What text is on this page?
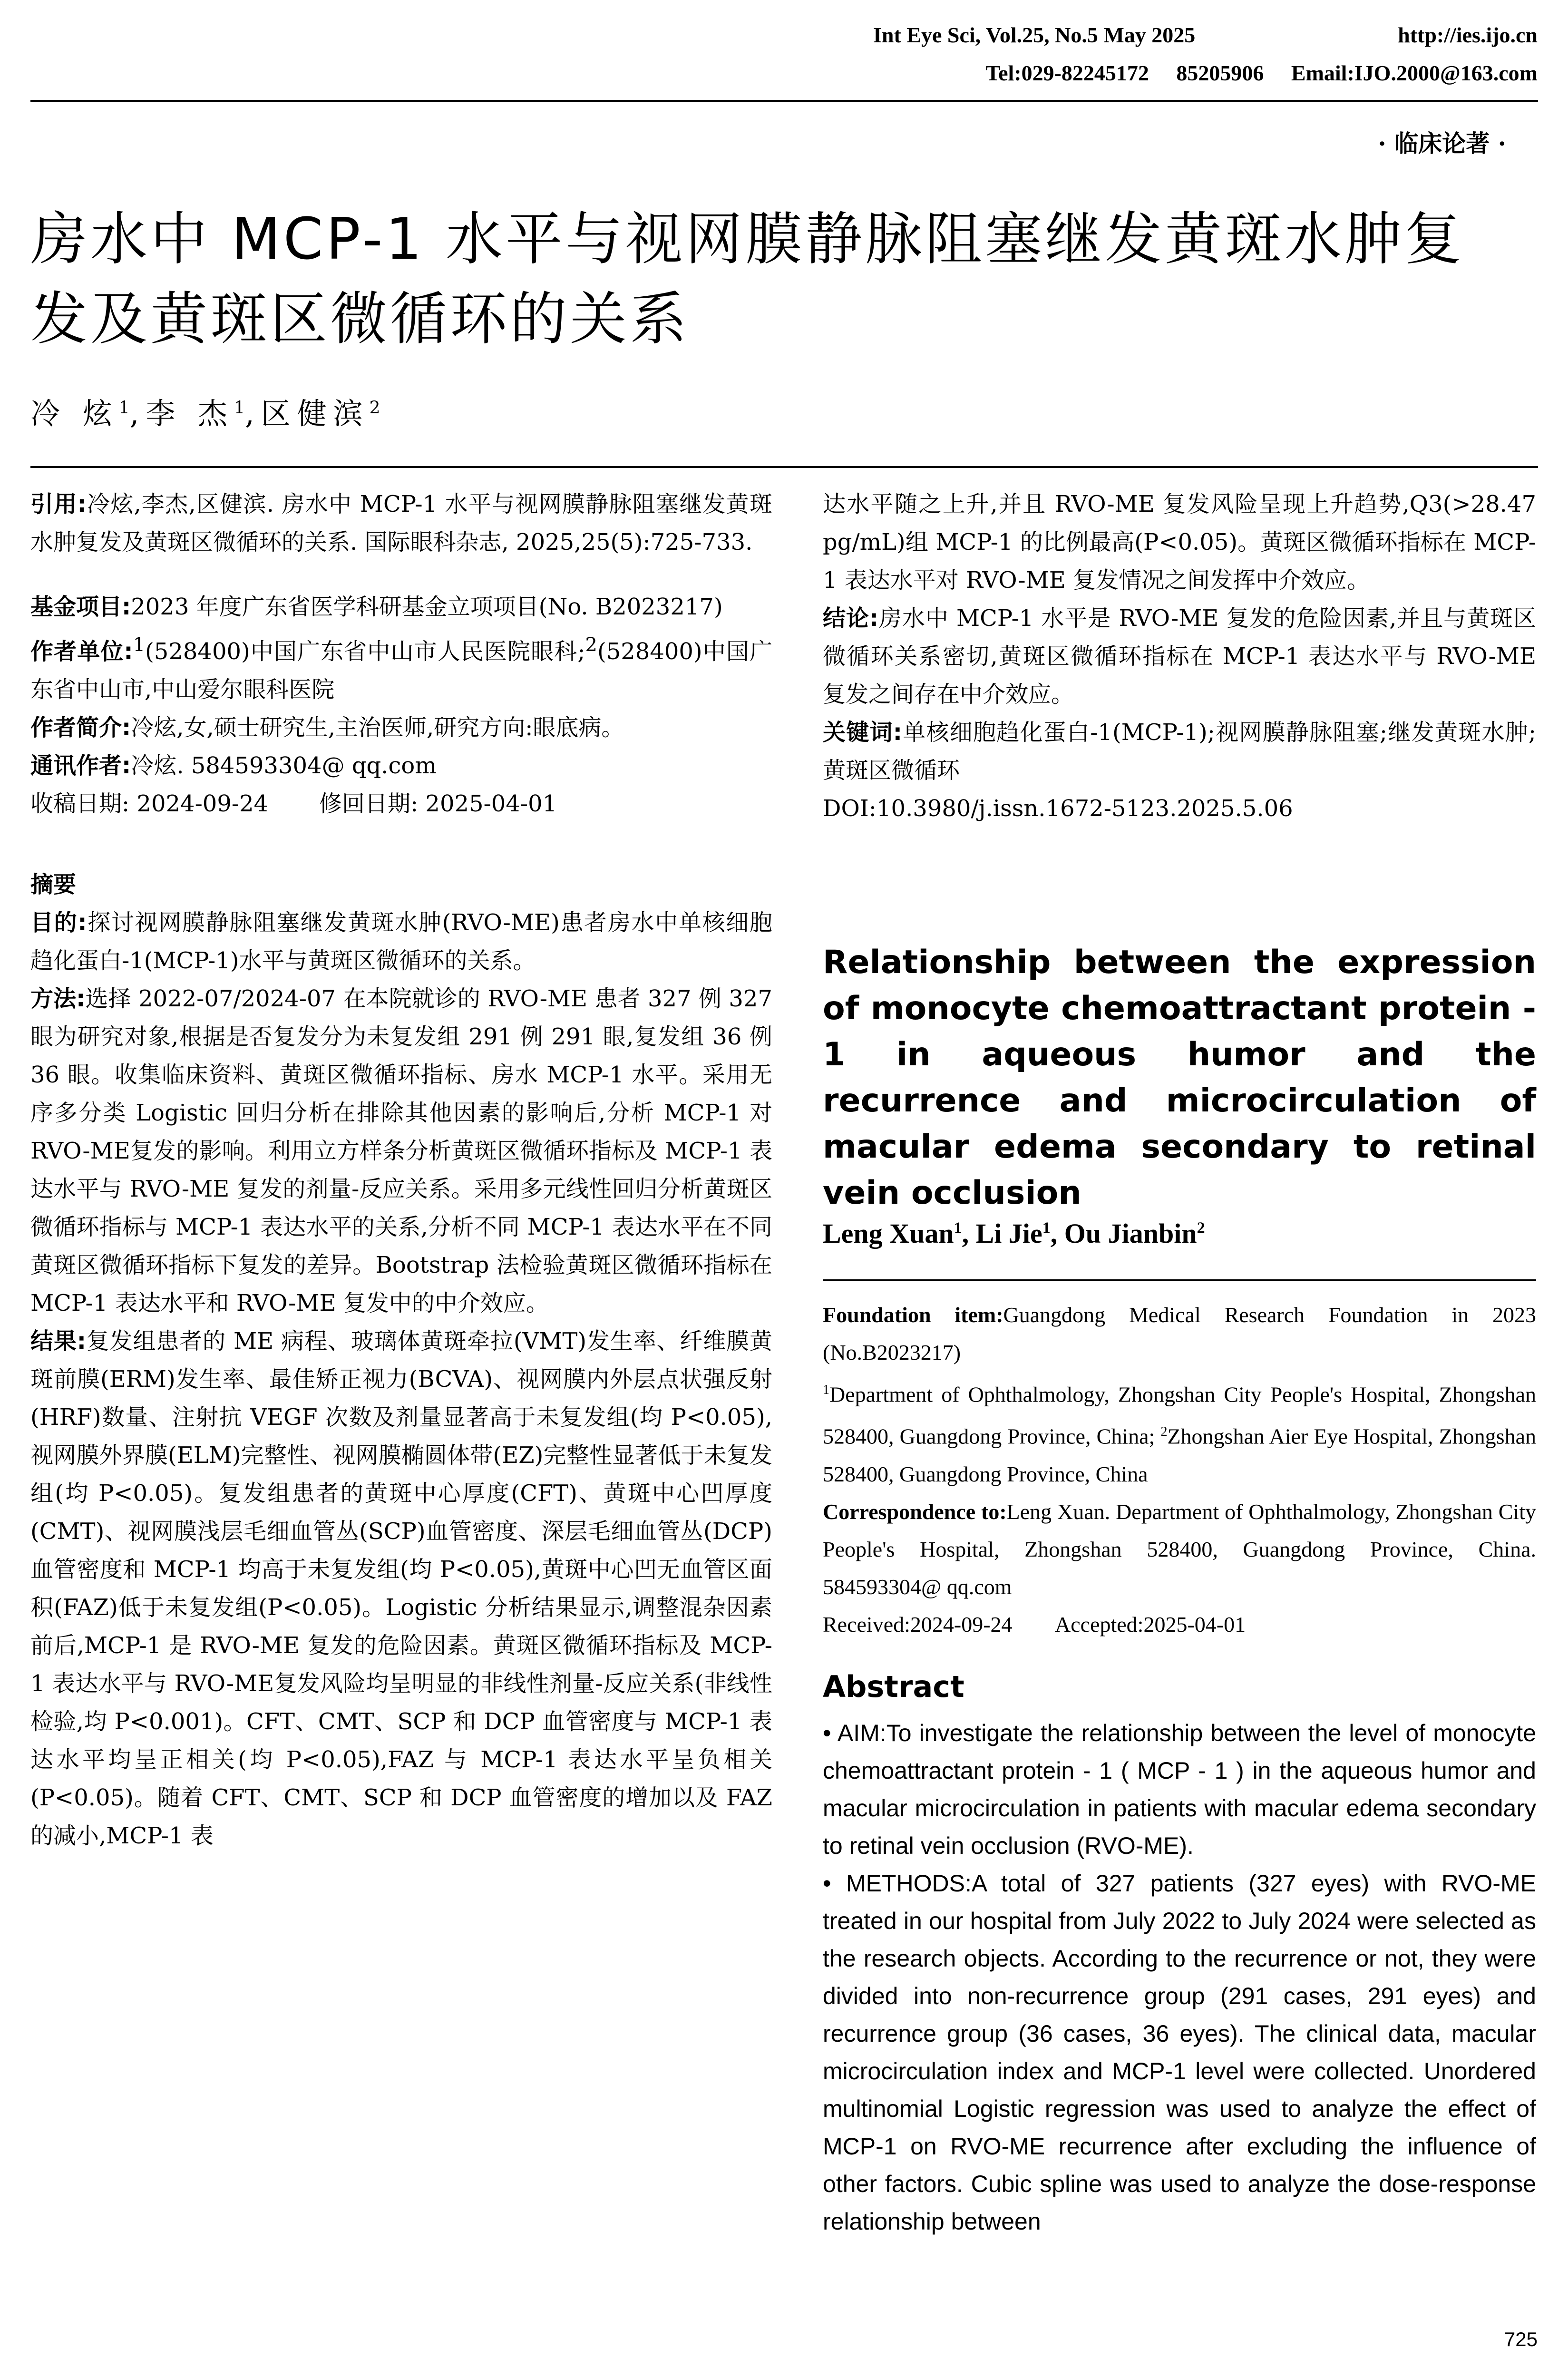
Int Eye Sci, Vol.25, No.5 May 2025	http://ies.ijo.cn
Tel:029-82245172     85205906     Email:IJO.2000@163.com
· 临床论著 ·
房水中 MCP-1 水平与视网膜静脉阻塞继发黄斑水肿复
发及黄斑区微循环的关系
冷 炫$^1$,李 杰$^1$,区健滨$^2$

引用:冷炫,李杰,区健滨. 房水中 MCP-1 水平与视网膜静脉阻塞继发黄斑水肿复发及黄斑区微循环的关系. 国际眼科杂志, 2025,25(5):725-733.

基金项目:2023 年度广东省医学科研基金立项项目(No. B2023217)

作者单位:$^1$(528400)中国广东省中山市人民医院眼科;$^2$(528400)中国广东省中山市,中山爱尔眼科医院

作者简介:冷炫,女,硕士研究生,主治医师,研究方向:眼底病。

通讯作者:冷炫. 584593304@ qq.com

收稿日期: 2024-09-24       修回日期: 2025-04-01

摘要

目的:探讨视网膜静脉阻塞继发黄斑水肿(RVO-ME)患者房水中单核细胞趋化蛋白-1(MCP-1)水平与黄斑区微循环的关系。

方法:选择 2022-07/2024-07 在本院就诊的 RVO-ME 患者 327 例 327 眼为研究对象,根据是否复发分为未复发组 291 例 291 眼,复发组 36 例 36 眼。收集临床资料、黄斑区微循环指标、房水 MCP-1 水平。采用无序多分类 Logistic 回归分析在排除其他因素的影响后,分析 MCP-1 对 RVO-ME复发的影响。利用立方样条分析黄斑区微循环指标及 MCP-1 表达水平与 RVO-ME 复发的剂量-反应关系。采用多元线性回归分析黄斑区微循环指标与 MCP-1 表达水平的关系,分析不同 MCP-1 表达水平在不同黄斑区微循环指标下复发的差异。Bootstrap 法检验黄斑区微循环指标在 MCP-1 表达水平和 RVO-ME 复发中的中介效应。

结果:复发组患者的 ME 病程、玻璃体黄斑牵拉(VMT)发生率、纤维膜黄斑前膜(ERM)发生率、最佳矫正视力(BCVA)、视网膜内外层点状强反射(HRF)数量、注射抗 VEGF 次数及剂量显著高于未复发组(均 P<0.05),视网膜外界膜(ELM)完整性、视网膜椭圆体带(EZ)完整性显著低于未复发组(均 P<0.05)。复发组患者的黄斑中心厚度(CFT)、黄斑中心凹厚度(CMT)、视网膜浅层毛细血管丛(SCP)血管密度、深层毛细血管丛(DCP)血管密度和 MCP-1 均高于未复发组(均 P<0.05),黄斑中心凹无血管区面积(FAZ)低于未复发组(P<0.05)。Logistic 分析结果显示,调整混杂因素前后,MCP-1 是 RVO-ME 复发的危险因素。黄斑区微循环指标及 MCP-1 表达水平与 RVO-ME复发风险均呈明显的非线性剂量-反应关系(非线性检验,均 P<0.001)。CFT、CMT、SCP 和 DCP 血管密度与 MCP-1 表达水平均呈正相关(均 P<0.05),FAZ 与 MCP-1 表达水平呈负相关(P<0.05)。随着 CFT、CMT、SCP 和 DCP 血管密度的增加以及 FAZ 的减小,MCP-1 表

达水平随之上升,并且 RVO-ME 复发风险呈现上升趋势,Q3(>28.47 pg/mL)组 MCP-1 的比例最高(P<0.05)。黄斑区微循环指标在 MCP-1 表达水平对 RVO-ME 复发情况之间发挥中介效应。

结论:房水中 MCP-1 水平是 RVO-ME 复发的危险因素,并且与黄斑区微循环关系密切,黄斑区微循环指标在 MCP-1 表达水平与 RVO-ME 复发之间存在中介效应。

关键词:单核细胞趋化蛋白-1(MCP-1);视网膜静脉阻塞;继发黄斑水肿;黄斑区微循环

DOI:10.3980/j.issn.1672-5123.2025.5.06

Relationship between the expression of monocyte chemoattractant protein - 1 in aqueous humor and the recurrence and microcirculation of macular edema secondary to retinal vein occlusion
Leng Xuan$^1$, Li Jie$^1$, Ou Jianbin$^2$
Foundation item:Guangdong Medical Research Foundation in 2023 (No.B2023217)
$^1$Department of Ophthalmology, Zhongshan City People's Hospital, Zhongshan 528400, Guangdong Province, China; $^2$Zhongshan Aier Eye Hospital, Zhongshan 528400, Guangdong Province, China
Correspondence to:Leng Xuan. Department of Ophthalmology, Zhongshan City People's Hospital, Zhongshan 528400, Guangdong Province, China. 584593304@ qq.com
Received:2024-09-24        Accepted:2025-04-01
Abstract
• AIM:To investigate the relationship between the level of monocyte chemoattractant protein - 1 ( MCP - 1 ) in the aqueous humor and macular microcirculation in patients with macular edema secondary to retinal vein occlusion (RVO-ME).
• METHODS:A total of 327 patients (327 eyes) with RVO-ME treated in our hospital from July 2022 to July 2024 were selected as the research objects. According to the recurrence or not, they were divided into non-recurrence group (291 cases, 291 eyes) and recurrence group (36 cases, 36 eyes). The clinical data, macular microcirculation index and MCP-1 level were collected. Unordered multinomial Logistic regression was used to analyze the effect of MCP-1 on RVO-ME recurrence after excluding the influence of other factors. Cubic spline was used to analyze the dose-response relationship between
725
